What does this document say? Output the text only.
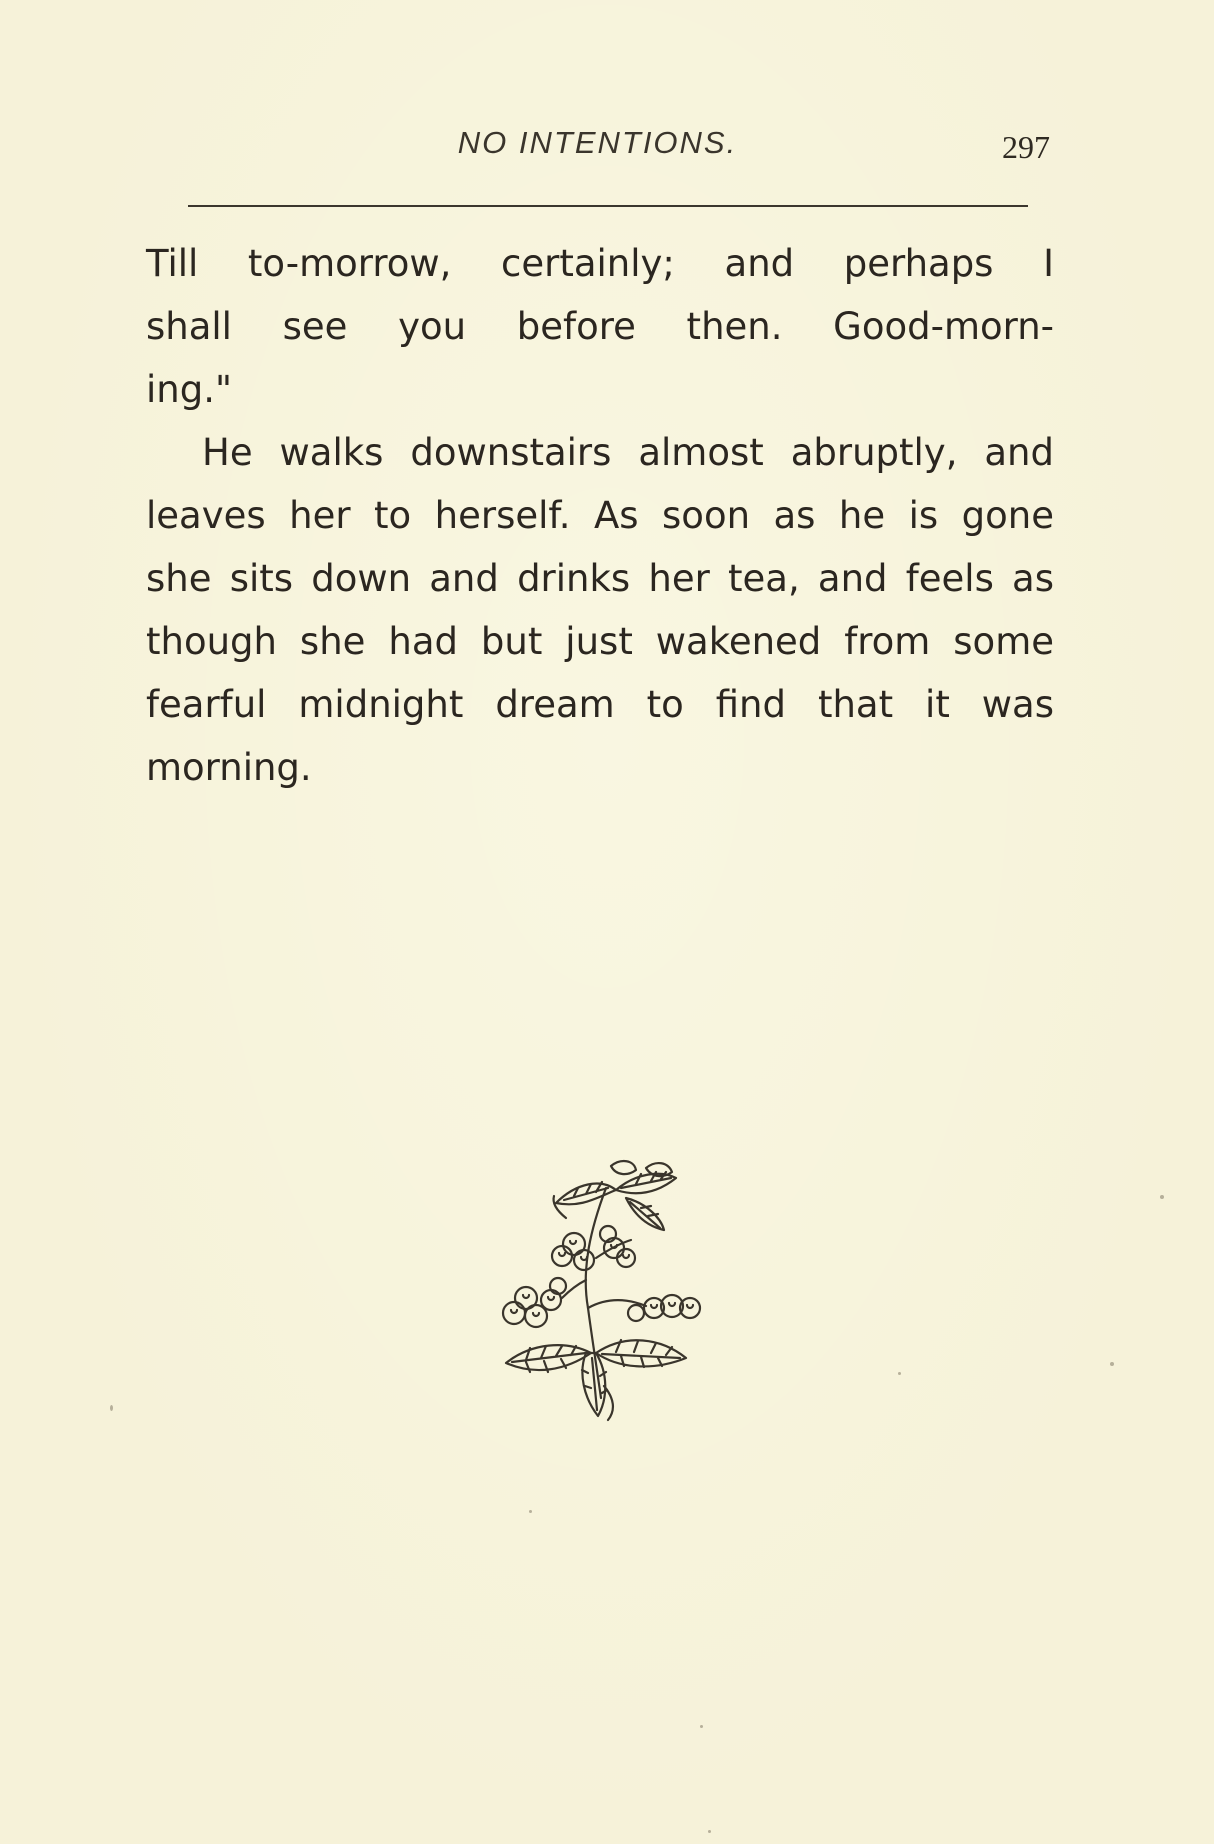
NO INTENTIONS.	297
Till to-morrow, certainly; and perhaps I
shall see you before then. Good-morn-
ing."
He walks downstairs almost abruptly, and
leaves her to herself. As soon as he is gone
she sits down and drinks her tea, and feels as
though she had but just wakened from some
fearful midnight dream to find that it was
morning.
